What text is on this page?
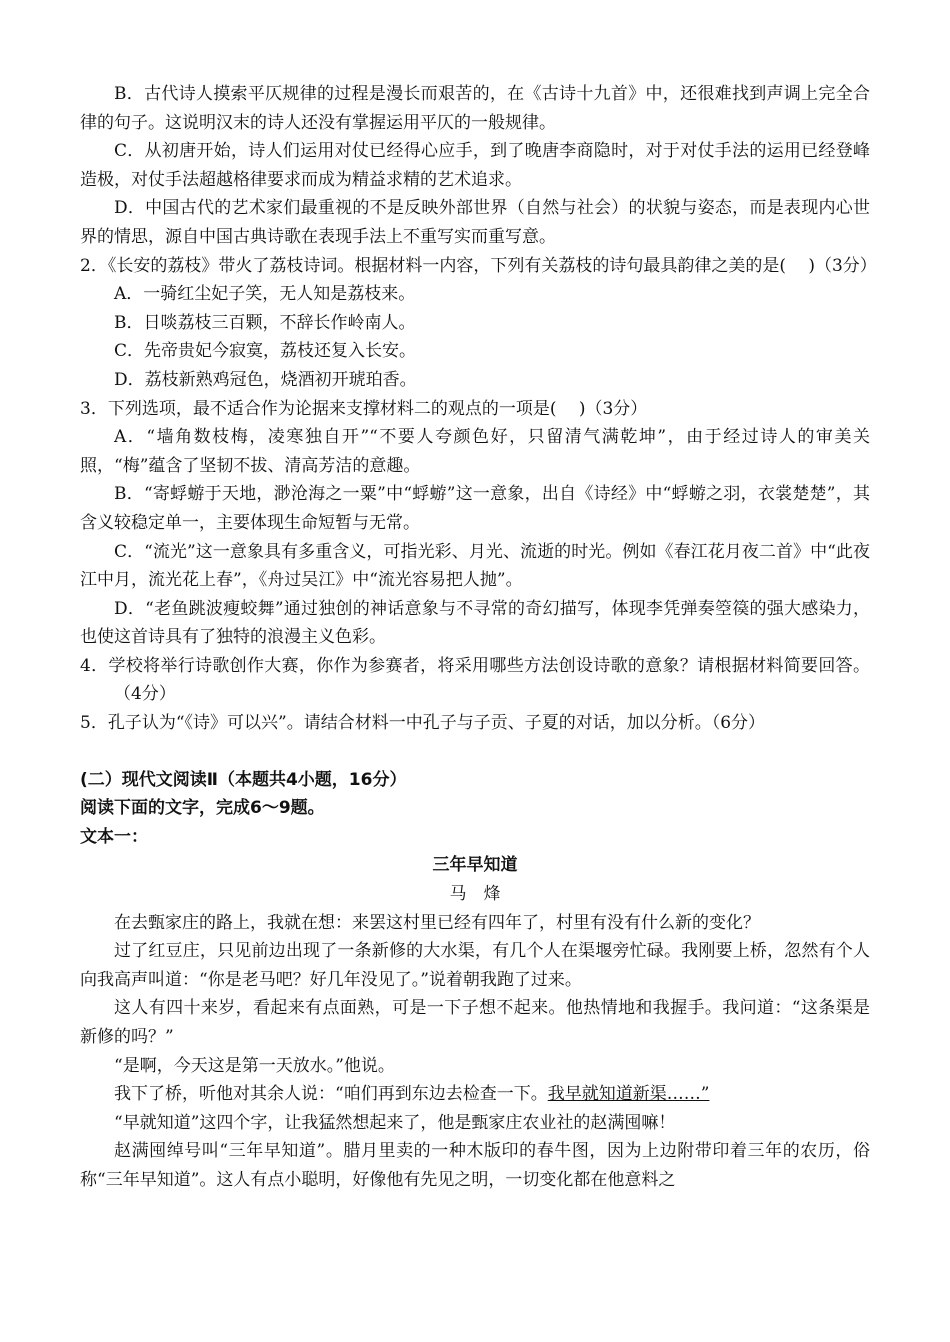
B．古代诗人摸索平仄规律的过程是漫长而艰苦的，在《古诗十九首》中，还很难找到声调上完全合律的句子。这说明汉末的诗人还没有掌握运用平仄的一般规律。

C．从初唐开始，诗人们运用对仗已经得心应手，到了晚唐李商隐时，对于对仗手法的运用已经登峰造极，对仗手法超越格律要求而成为精益求精的艺术追求。

D．中国古代的艺术家们最重视的不是反映外部世界（自然与社会）的状貌与姿态，而是表现内心世界的情思，源自中国古典诗歌在表现手法上不重写实而重写意。

2．《长安的荔枝》带火了荔枝诗词。根据材料一内容，下列有关荔枝的诗句最具韵律之美的是(　 )（3分）

A．一骑红尘妃子笑，无人知是荔枝来。

B．日啖荔枝三百颗，不辞长作岭南人。

C．先帝贵妃今寂寞，荔枝还复入长安。

D．荔枝新熟鸡冠色，烧酒初开琥珀香。

3．下列选项，最不适合作为论据来支撑材料二的观点的一项是(　 )（3分）

A．“墙角数枝梅，凌寒独自开”“不要人夸颜色好，只留清气满乾坤”，由于经过诗人的审美关照，“梅”蕴含了坚韧不拔、清高芳洁的意趣。

B．“寄蜉蝣于天地，渺沧海之一粟”中“蜉蝣”这一意象，出自《诗经》中“蜉蝣之羽，衣裳楚楚”，其含义较稳定单一，主要体现生命短暂与无常。

C．“流光”这一意象具有多重含义，可指光彩、月光、流逝的时光。例如《春江花月夜二首》中“此夜江中月，流光花上春”，《舟过吴江》中“流光容易把人抛”。

D．“老鱼跳波瘦蛟舞”通过独创的神话意象与不寻常的奇幻描写，体现李凭弹奏箜篌的强大感染力，也使这首诗具有了独特的浪漫主义色彩。

4．学校将举行诗歌创作大赛，你作为参赛者，将采用哪些方法创设诗歌的意象？请根据材料简要回答。（4分）

5．孔子认为“《诗》可以兴”。请结合材料一中孔子与子贡、子夏的对话，加以分析。（6分）

(二）现代文阅读Ⅱ（本题共4小题，16分）

阅读下面的文字，完成6～9题。

文本一：

三年早知道

马　烽

在去甄家庄的路上，我就在想：来罢这村里已经有四年了，村里有没有什么新的变化？

过了红豆庄，只见前边出现了一条新修的大水渠，有几个人在渠堰旁忙碌。我刚要上桥，忽然有个人向我高声叫道：“你是老马吧？好几年没见了。”说着朝我跑了过来。

这人有四十来岁，看起来有点面熟，可是一下子想不起来。他热情地和我握手。我问道：“这条渠是新修的吗？”

“是啊，今天这是第一天放水。”他说。

我下了桥，听他对其余人说：“咱们再到东边去检查一下。我早就知道新渠……”

“早就知道”这四个字，让我猛然想起来了，他是甄家庄农业社的赵满囤嘛！

赵满囤绰号叫“三年早知道”。腊月里卖的一种木版印的春牛图，因为上边附带印着三年的农历，俗称“三年早知道”。这人有点小聪明，好像他有先见之明，一切变化都在他意料之
